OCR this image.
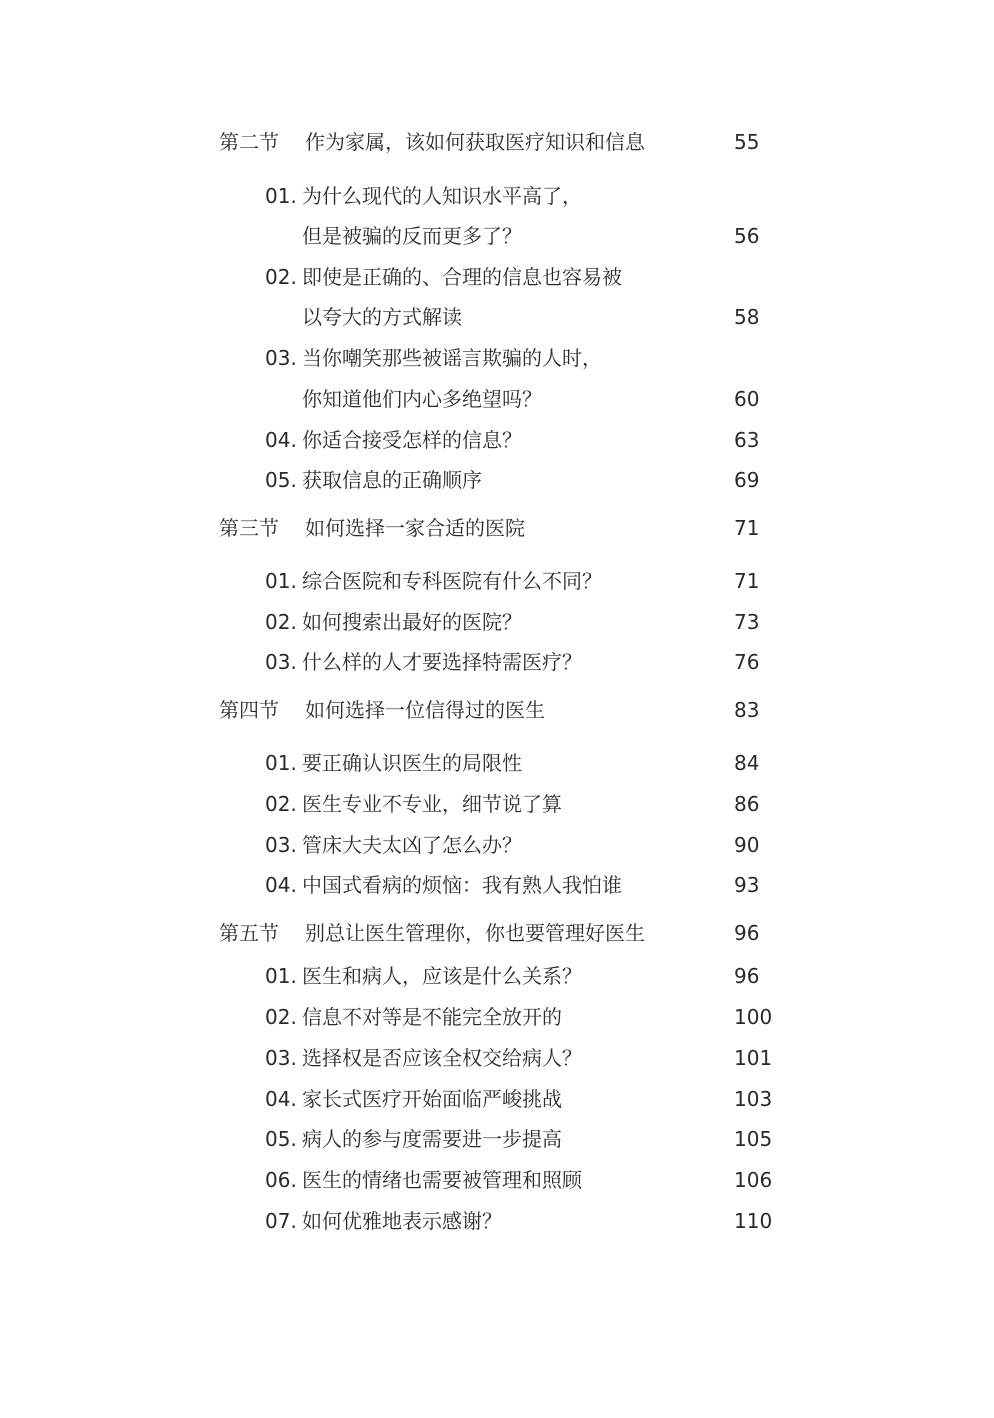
第二节 作为家属，该如何获取医疗知识和信息	55
01. 为什么现代的人知识水平高了，
但是被骗的反而更多了？	56
02. 即使是正确的、合理的信息也容易被
以夸大的方式解读	58
03. 当你嘲笑那些被谣言欺骗的人时，
你知道他们内心多绝望吗？	60
04. 你适合接受怎样的信息？	63
05. 获取信息的正确顺序	69
第三节 如何选择一家合适的医院	71
01. 综合医院和专科医院有什么不同？	71
02. 如何搜索出最好的医院？	73
03. 什么样的人才要选择特需医疗？	76
第四节 如何选择一位信得过的医生	83
01. 要正确认识医生的局限性	84
02. 医生专业不专业，细节说了算	86
03. 管床大夫太凶了怎么办？	90
04. 中国式看病的烦恼：我有熟人我怕谁	93
第五节 别总让医生管理你，你也要管理好医生	96
01. 医生和病人，应该是什么关系？	96
02. 信息不对等是不能完全放开的	100
03. 选择权是否应该全权交给病人？	101
04. 家长式医疗开始面临严峻挑战	103
05. 病人的参与度需要进一步提高	105
06. 医生的情绪也需要被管理和照顾	106
07. 如何优雅地表示感谢？	110
